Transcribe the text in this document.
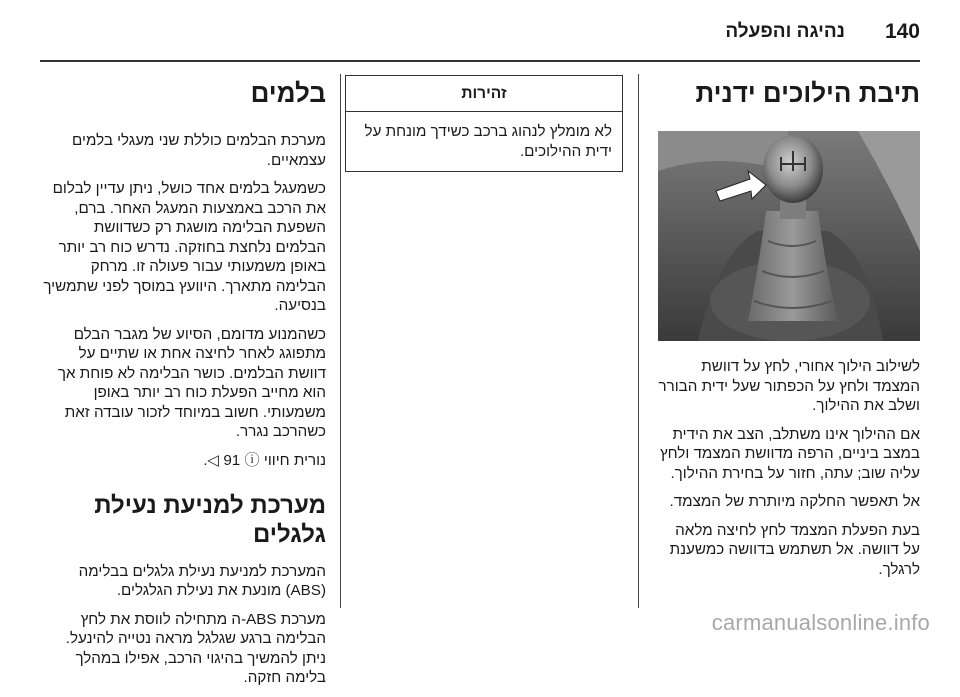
140
נהיגה והפעלה
תיבת הילוכים ידנית

לשילוב הילוך אחורי, לחץ על דוושת המצמד ולחץ על הכפתור שעל ידית הבורר ושלב את ההילוך.

אם ההילוך אינו משתלב, הצב את הידית במצב ביניים, הרפה מדוושת המצמד ולחץ עליה שוב; עתה, חזור על בחירת ההילוך.

אל תאפשר החלקה מיותרת של המצמד.

בעת הפעלת המצמד לחץ לחיצה מלאה על דוושה. אל תשתמש בדוושה כמשענת לרגלך.

זהירות
לא מומלץ לנהוג ברכב כשידך מונחת על ידית ההילוכים.
בלמים

מערכת הבלמים כוללת שני מעגלי בלמים עצמאיים.

כשמעגל בלמים אחד כושל, ניתן עדיין לבלום את הרכב באמצעות המעגל האחר. ברם, השפעת הבלימה מושגת רק כשדוושת הבלמים נלחצת בחוזקה. נדרש כוח רב יותר באופן משמעותי עבור פעולה זו. מרחק הבלימה מתארך. היוועץ במוסך לפני שתמשיך בנסיעה.

כשהמנוע מדומם, הסיוע של מגבר הבלם מתפוגג לאחר לחיצה אחת או שתיים על דוושת הבלמים. כושר הבלימה לא פוחת אך הוא מחייב הפעלת כוח רב יותר באופן משמעותי. חשוב במיוחד לזכור עובדה זאת כשהרכב נגרר.

נורית חיווי ⓘ 91 ◁.

מערכת למניעת נעילת גלגלים

המערכת למניעת נעילת גלגלים בבלימה (ABS) מונעת את נעילת הגלגלים.

מערכת ABS-ה מתחילה לווסת את לחץ הבלימה ברגע שגלגל מראה נטייה להינעל. ניתן להמשיך בהיגוי הרכב, אפילו במהלך בלימה חזקה.

carmanualsonline.info
